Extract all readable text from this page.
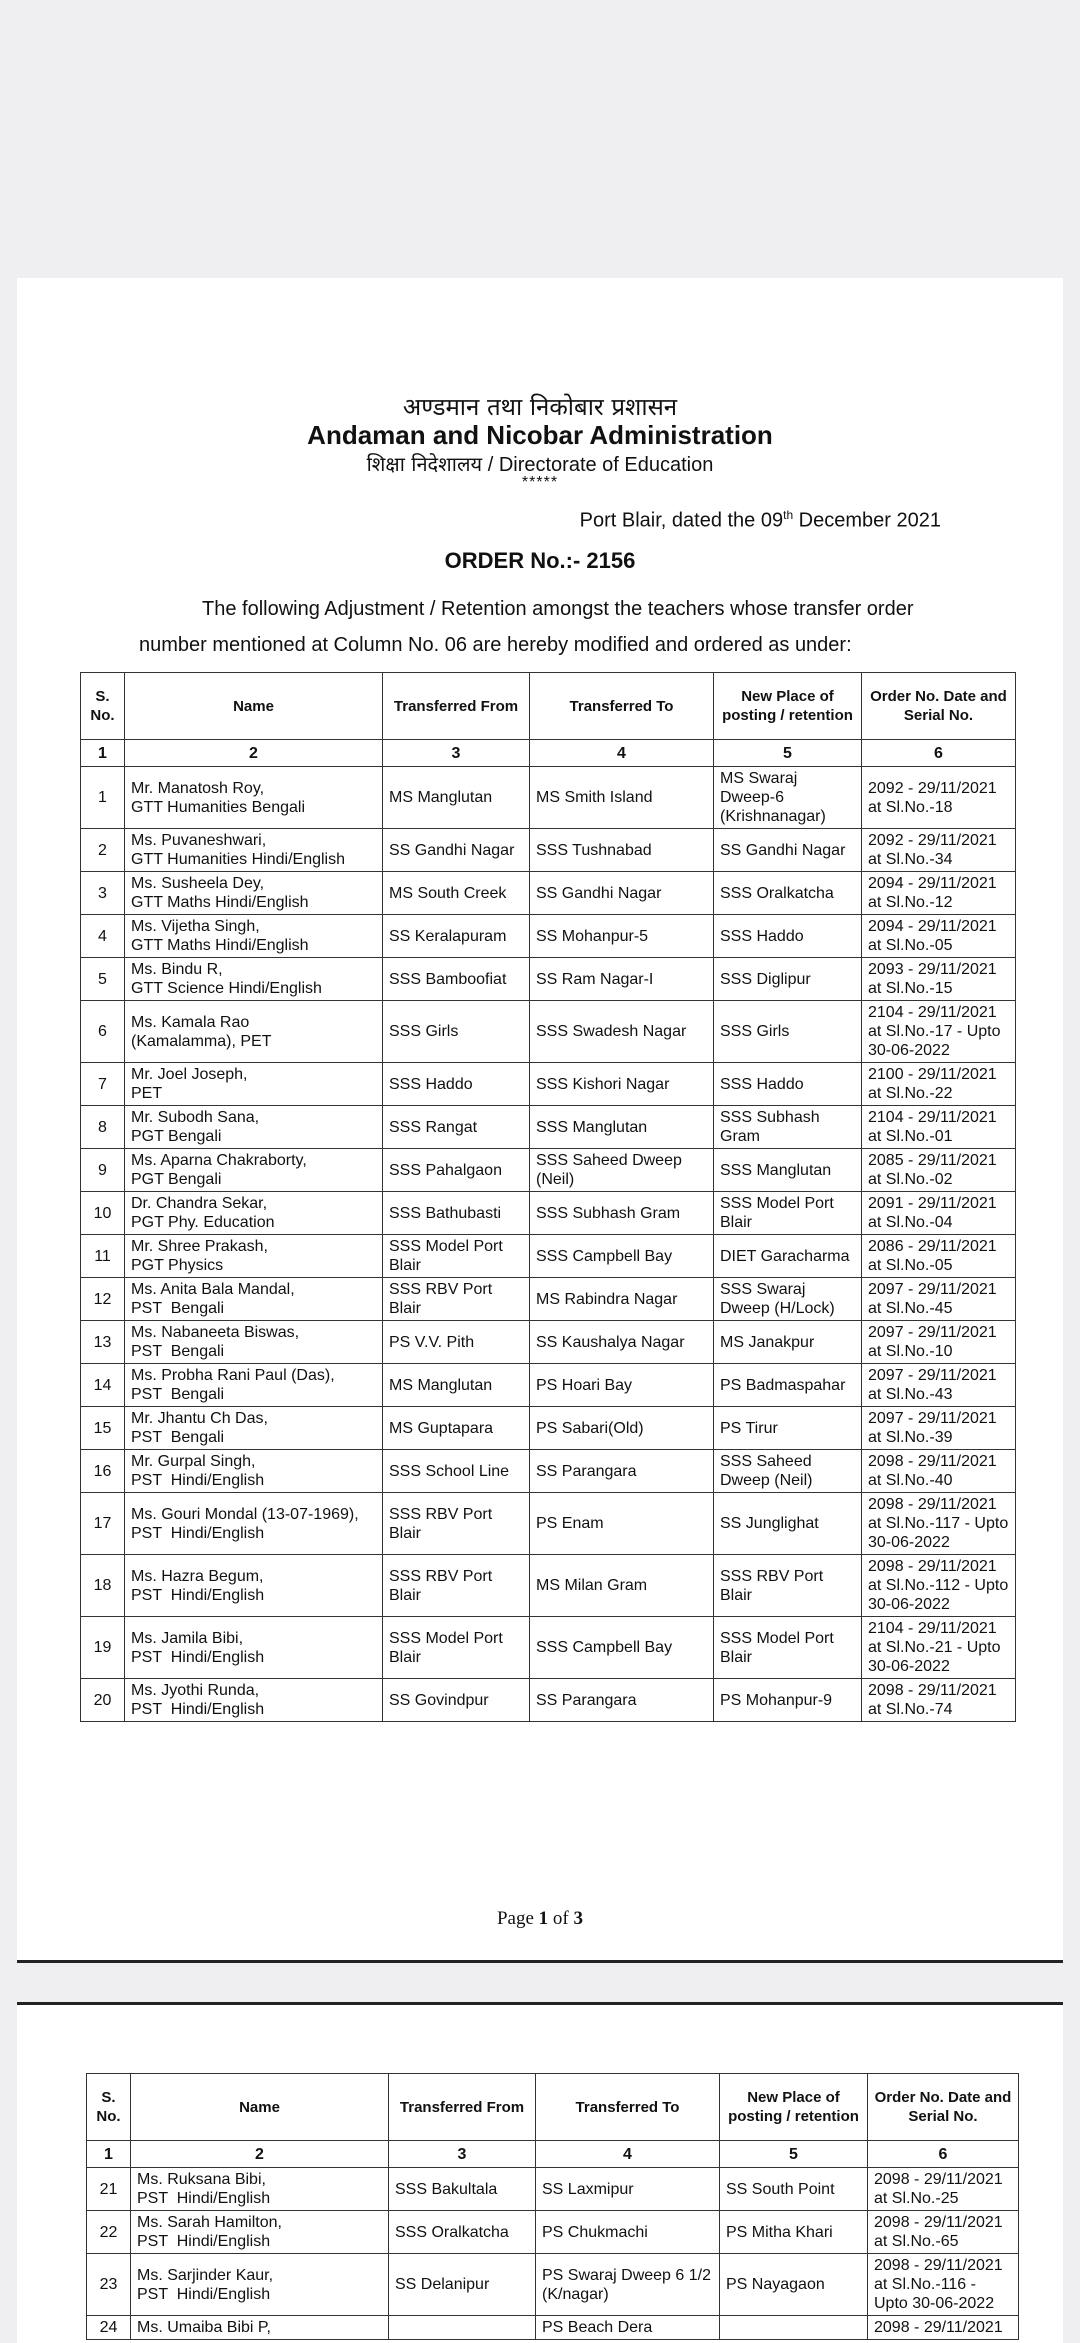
अण्डमान तथा निकोबार प्रशासन
Andaman and Nicobar Administration
शिक्षा निदेशालय / Directorate of Education
*****
Port Blair, dated the 09th December 2021
ORDER No.:- 2156
The following Adjustment / Retention amongst the teachers whose transfer order
number mentioned at Column No. 06 are hereby modified and ordered as under:
S. No.	Name	Transferred From	Transferred To	New Place of posting / retention	Order No. Date and Serial No.
1	2	3	4	5	6
1	Mr. Manatosh Roy,
GTT Humanities Bengali	MS Manglutan	MS Smith Island	MS Swaraj Dweep-6 (Krishnanagar)	2092 - 29/11/2021 at Sl.No.-18
2	Ms. Puvaneshwari,
GTT Humanities Hindi/English	SS Gandhi Nagar	SSS Tushnabad	SS Gandhi Nagar	2092 - 29/11/2021 at Sl.No.-34
3	Ms. Susheela Dey,
GTT Maths Hindi/English	MS South Creek	SS Gandhi Nagar	SSS Oralkatcha	2094 - 29/11/2021 at Sl.No.-12
4	Ms. Vijetha Singh,
GTT Maths Hindi/English	SS Keralapuram	SS Mohanpur-5	SSS Haddo	2094 - 29/11/2021 at Sl.No.-05
5	Ms. Bindu R,
GTT Science Hindi/English	SSS Bamboofiat	SS Ram Nagar-I	SSS Diglipur	2093 - 29/11/2021 at Sl.No.-15
6	Ms. Kamala Rao
(Kamalamma), PET	SSS Girls	SSS Swadesh Nagar	SSS Girls	2104 - 29/11/2021 at Sl.No.-17 - Upto 30-06-2022
7	Mr. Joel Joseph,
PET	SSS Haddo	SSS Kishori Nagar	SSS Haddo	2100 - 29/11/2021 at Sl.No.-22
8	Mr. Subodh Sana,
PGT Bengali	SSS Rangat	SSS Manglutan	SSS Subhash Gram	2104 - 29/11/2021 at Sl.No.-01
9	Ms. Aparna Chakraborty,
PGT Bengali	SSS Pahalgaon	SSS Saheed Dweep (Neil)	SSS Manglutan	2085 - 29/11/2021 at Sl.No.-02
10	Dr. Chandra Sekar,
PGT Phy. Education	SSS Bathubasti	SSS Subhash Gram	SSS Model Port Blair	2091 - 29/11/2021 at Sl.No.-04
11	Mr. Shree Prakash,
PGT Physics	SSS Model Port Blair	SSS Campbell Bay	DIET Garacharma	2086 - 29/11/2021 at Sl.No.-05
12	Ms. Anita Bala Mandal,
PST  Bengali	SSS RBV Port Blair	MS Rabindra Nagar	SSS Swaraj Dweep (H/Lock)	2097 - 29/11/2021 at Sl.No.-45
13	Ms. Nabaneeta Biswas,
PST  Bengali	PS V.V. Pith	SS Kaushalya Nagar	MS Janakpur	2097 - 29/11/2021 at Sl.No.-10
14	Ms. Probha Rani Paul (Das),
PST  Bengali	MS Manglutan	PS Hoari Bay	PS Badmaspahar	2097 - 29/11/2021 at Sl.No.-43
15	Mr. Jhantu Ch Das,
PST  Bengali	MS Guptapara	PS Sabari(Old)	PS Tirur	2097 - 29/11/2021 at Sl.No.-39
16	Mr. Gurpal Singh,
PST  Hindi/English	SSS School Line	SS Parangara	SSS Saheed Dweep (Neil)	2098 - 29/11/2021 at Sl.No.-40
17	Ms. Gouri Mondal (13-07-1969),
PST  Hindi/English	SSS RBV Port Blair	PS Enam	SS Junglighat	2098 - 29/11/2021 at Sl.No.-117 - Upto 30-06-2022
18	Ms. Hazra Begum,
PST  Hindi/English	SSS RBV Port Blair	MS Milan Gram	SSS RBV Port Blair	2098 - 29/11/2021 at Sl.No.-112 - Upto 30-06-2022
19	Ms. Jamila Bibi,
PST  Hindi/English	SSS Model Port Blair	SSS Campbell Bay	SSS Model Port Blair	2104 - 29/11/2021 at Sl.No.-21 - Upto 30-06-2022
20	Ms. Jyothi Runda,
PST  Hindi/English	SS Govindpur	SS Parangara	PS Mohanpur-9	2098 - 29/11/2021 at Sl.No.-74
Page 1 of 3
S. No.	Name	Transferred From	Transferred To	New Place of posting / retention	Order No. Date and Serial No.
1	2	3	4	5	6
21	Ms. Ruksana Bibi,
PST  Hindi/English	SSS Bakultala	SS Laxmipur	SS South Point	2098 - 29/11/2021 at Sl.No.-25
22	Ms. Sarah Hamilton,
PST  Hindi/English	SSS Oralkatcha	PS Chukmachi	PS Mitha Khari	2098 - 29/11/2021 at Sl.No.-65
23	Ms. Sarjinder Kaur,
PST  Hindi/English	SS Delanipur	PS Swaraj Dweep 6 1/2 (K/nagar)	PS Nayagaon	2098 - 29/11/2021 at Sl.No.-116 - Upto 30-06-2022
24	Ms. Umaiba Bibi P,		PS Beach Dera		2098 - 29/11/2021
